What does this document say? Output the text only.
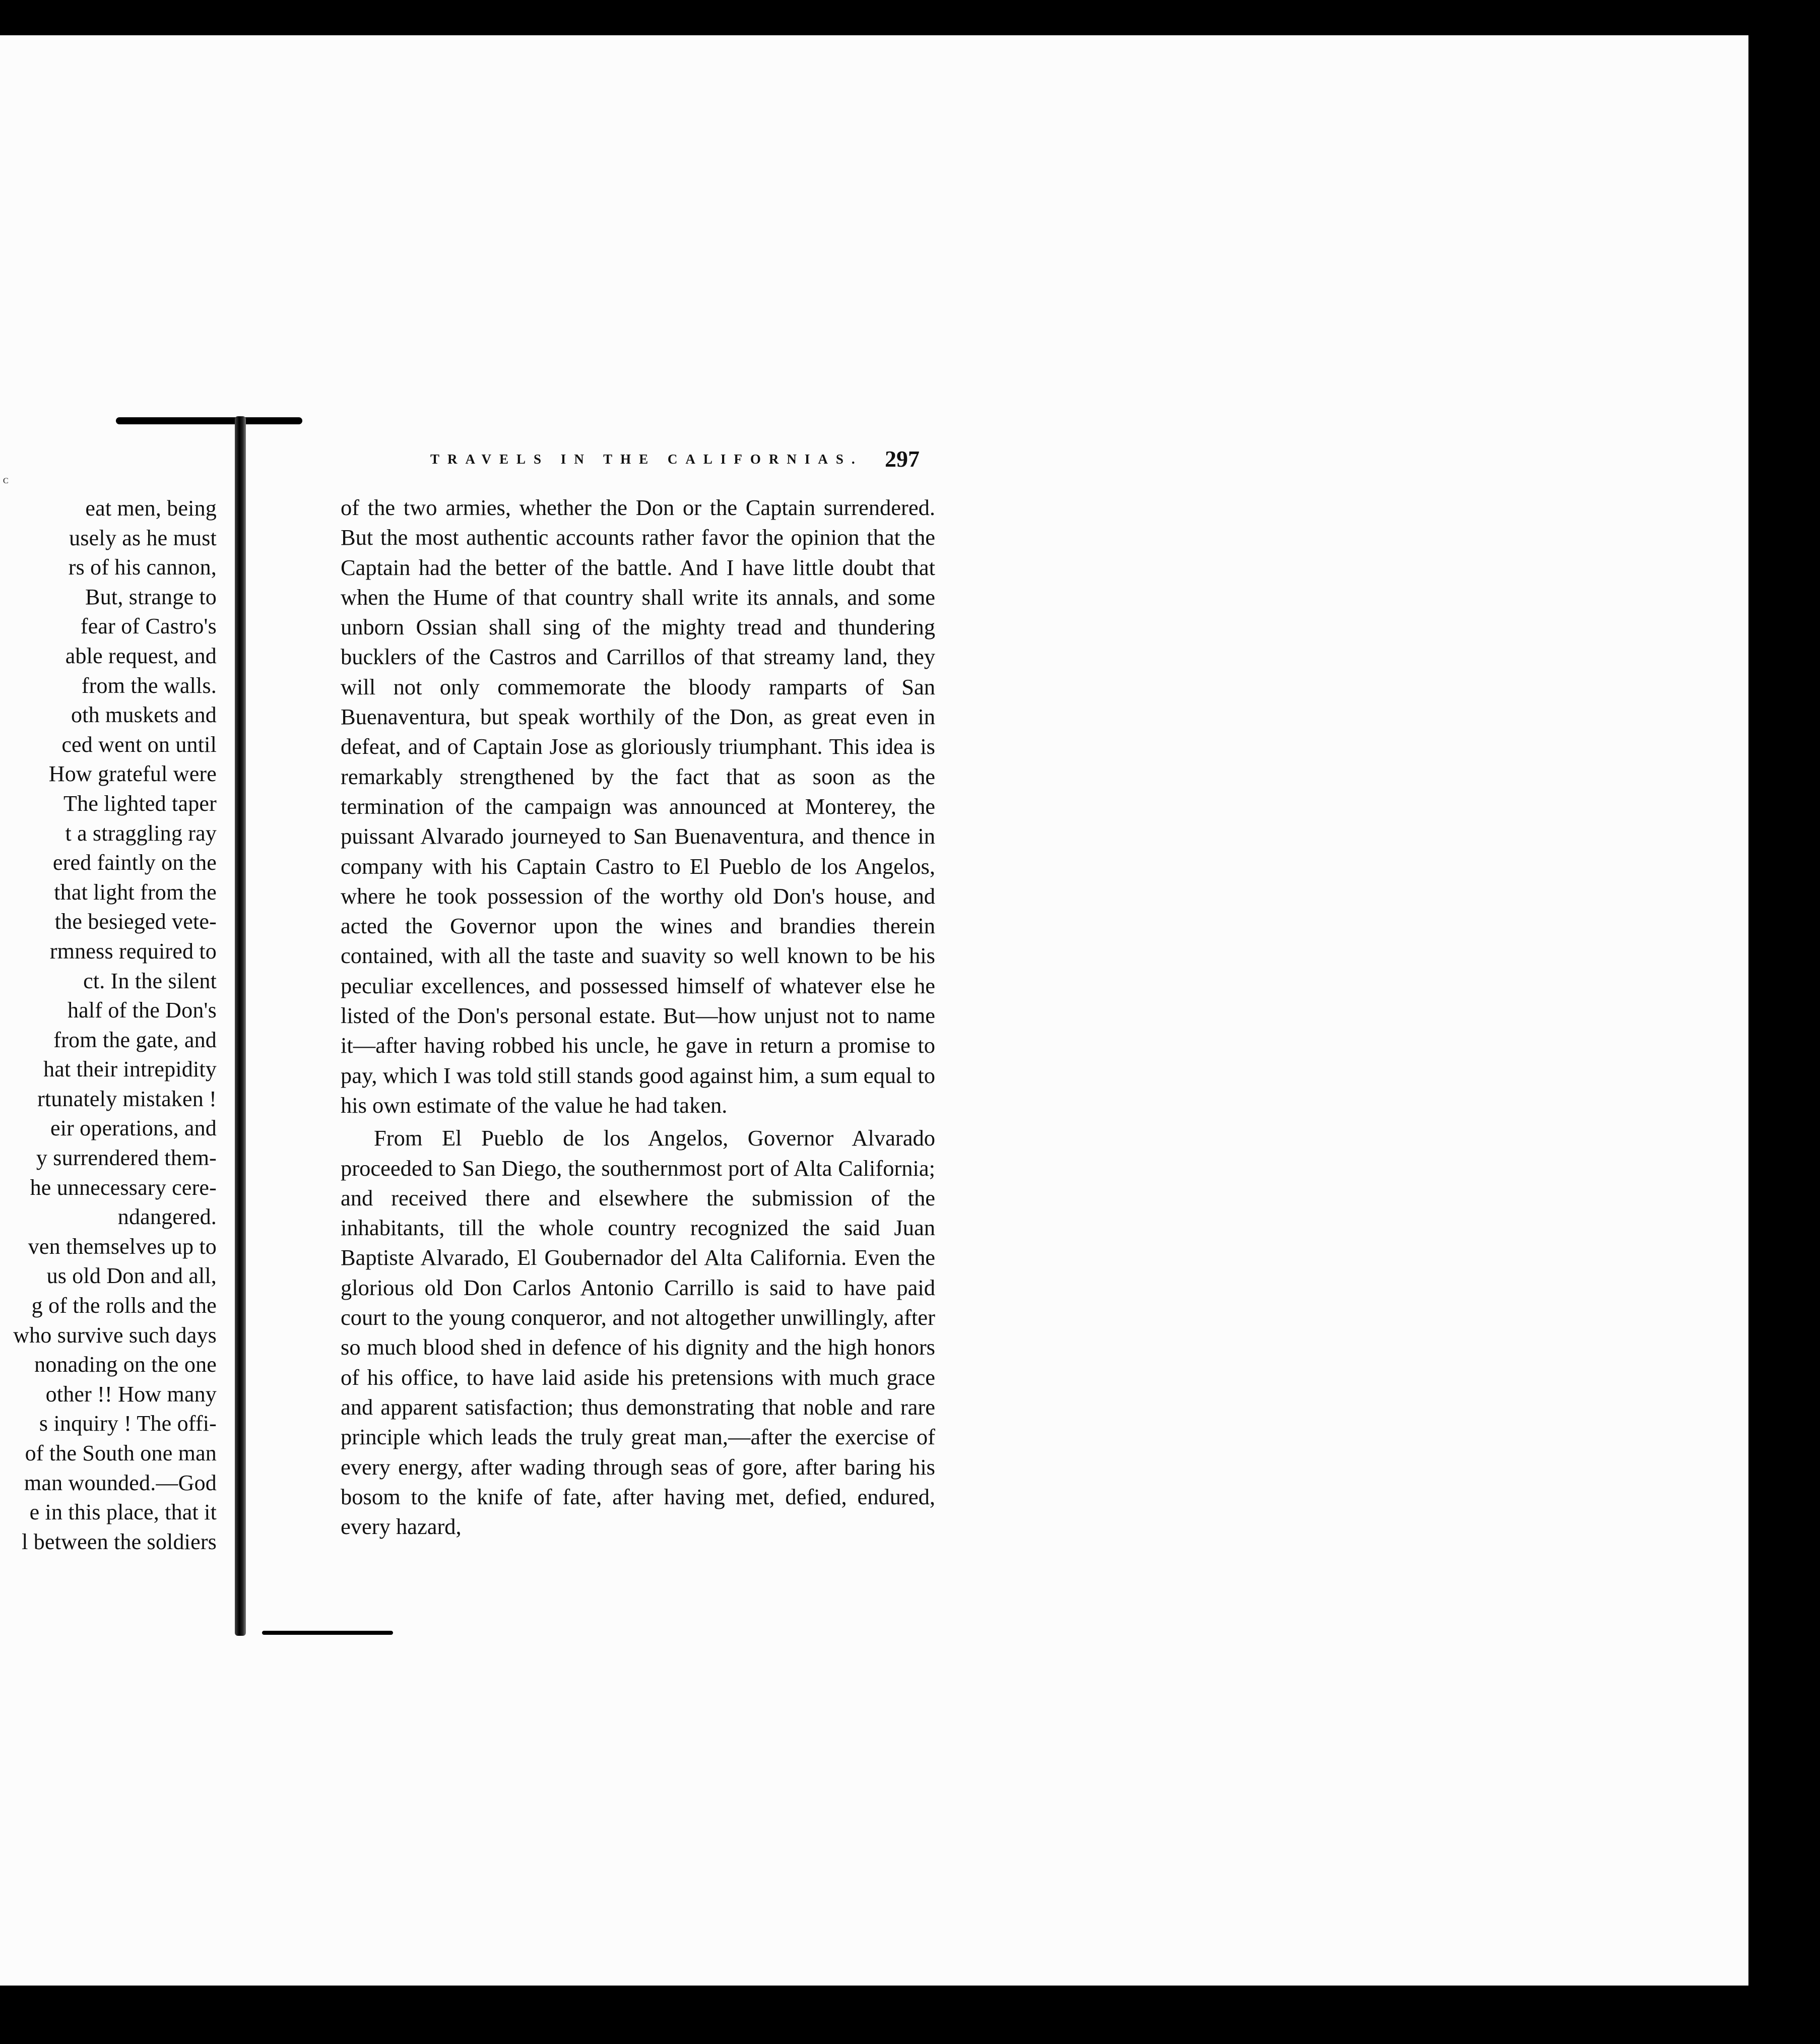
eat men, being
usely as he must
rs of his cannon,
But, strange to
fear of Castro's
able request, and
from the walls.
oth muskets and
ced went on until
How grateful were
The lighted taper
t a straggling ray
ered faintly on the
that light from the
the besieged vete-
rmness required to
ct. In the silent
half of the Don's
from the gate, and
hat their intrepidity
rtunately mistaken !
eir operations, and
y surrendered them-
he unnecessary cere-
ndangered.
ven themselves up to
us old Don and all,
g of the rolls and the
who survive such days
nonading on the one
other !! How many
s inquiry ! The offi-
of the South one man
man wounded.—God
e in this place, that it
l between the soldiers
C
TRAVELS IN THE CALIFORNIAS. 297

of the two armies, whether the Don or the Captain surrendered. But the most authentic accounts rather favor the opinion that the Captain had the better of the battle. And I have little doubt that when the Hume of that country shall write its annals, and some unborn Ossian shall sing of the mighty tread and thundering bucklers of the Castros and Carrillos of that streamy land, they will not only commemorate the bloody ramparts of San Buenaventura, but speak worthily of the Don, as great even in defeat, and of Captain Jose as gloriously triumphant. This idea is remarkably strengthened by the fact that as soon as the termination of the campaign was announced at Monterey, the puissant Alvarado journeyed to San Buenaventura, and thence in company with his Captain Castro to El Pueblo de los Angelos, where he took possession of the worthy old Don's house, and acted the Governor upon the wines and brandies therein contained, with all the taste and suavity so well known to be his peculiar excellences, and possessed himself of whatever else he listed of the Don's personal estate. But—how unjust not to name it—after having robbed his uncle, he gave in return a promise to pay, which I was told still stands good against him, a sum equal to his own estimate of the value he had taken.

From El Pueblo de los Angelos, Governor Alvarado proceeded to San Diego, the southernmost port of Alta California; and received there and elsewhere the submission of the inhabitants, till the whole country recognized the said Juan Baptiste Alvarado, El Goubernador del Alta California. Even the glorious old Don Carlos Antonio Carrillo is said to have paid court to the young conqueror, and not altogether unwillingly, after so much blood shed in defence of his dignity and the high honors of his office, to have laid aside his pretensions with much grace and apparent satisfaction; thus demonstrating that noble and rare principle which leads the truly great man,—after the exercise of every energy, after wading through seas of gore, after baring his bosom to the knife of fate, after having met, defied, endured, every hazard,
